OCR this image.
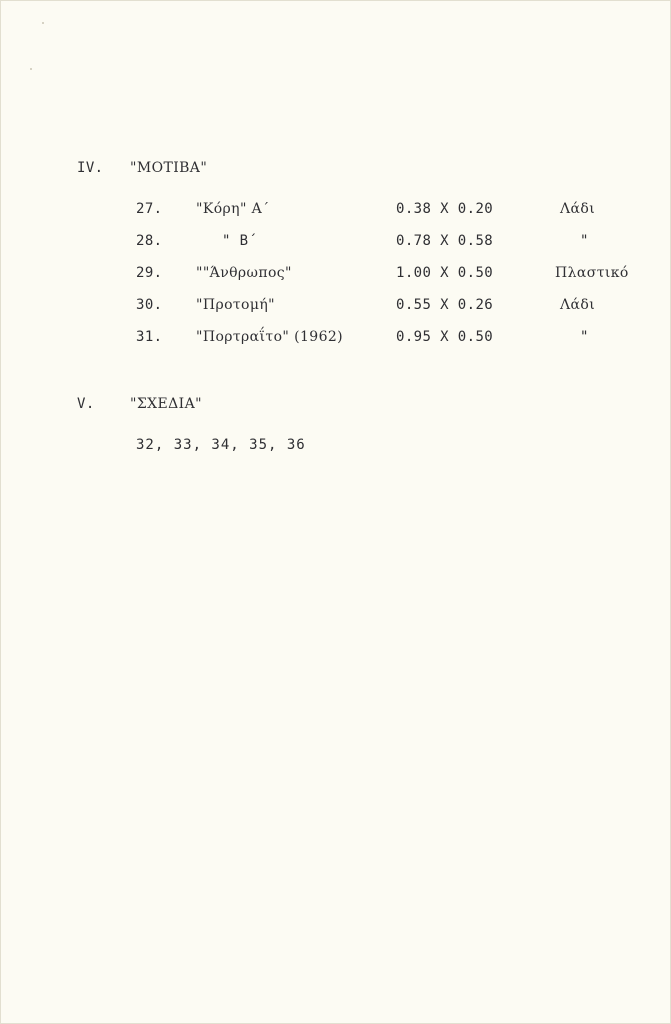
IV. "ΜΟΤΙΒΑ"
27. "Κόρη" Α΄	0.38 Χ 0.20	Λάδι
28.	" Β΄	0.78 Χ 0.58	"
29. ""Άνθρωπος"	1.00 Χ 0.50	Πλαστικό
30. "Προτομή"	0.55 Χ 0.26	Λάδι
31. "Πορτραΐτο" (1962)	0.95 Χ 0.50	"
V.	"ΣΧΕΔΙΑ"
32, 33, 34, 35, 36
